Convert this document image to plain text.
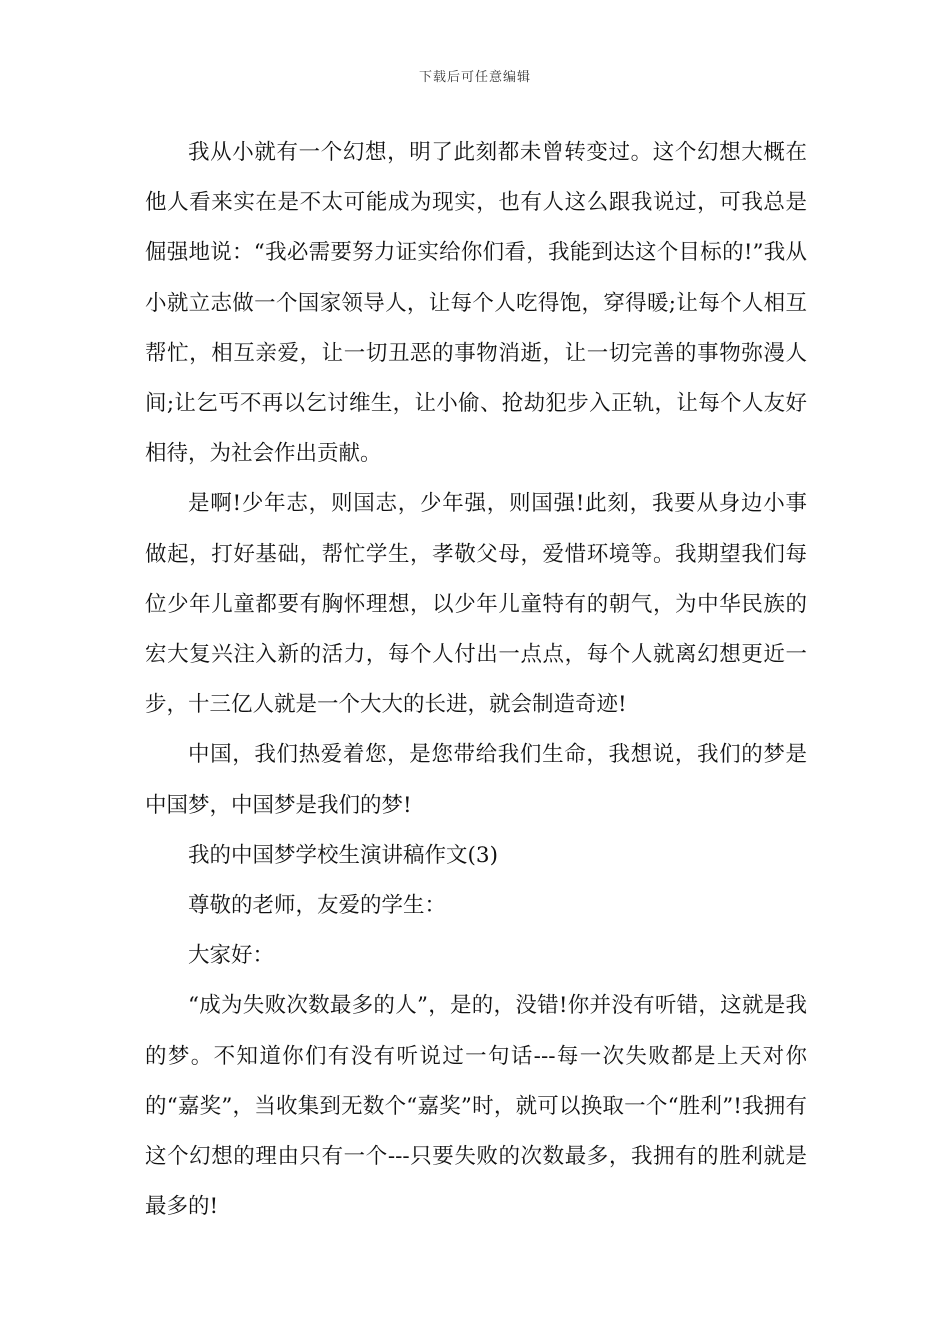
下载后可任意编辑

我从小就有一个幻想，明了此刻都未曾转变过。这个幻想大概在他人看来实在是不太可能成为现实，也有人这么跟我说过，可我总是倔强地说：“我必需要努力证实给你们看，我能到达这个目标的!”我从小就立志做一个国家领导人，让每个人吃得饱，穿得暖;让每个人相互帮忙，相互亲爱，让一切丑恶的事物消逝，让一切完善的事物弥漫人间;让乞丐不再以乞讨维生，让小偷、抢劫犯步入正轨，让每个人友好相待，为社会作出贡献。

是啊!少年志，则国志，少年强，则国强!此刻，我要从身边小事做起，打好基础，帮忙学生，孝敬父母，爱惜环境等。我期望我们每位少年儿童都要有胸怀理想，以少年儿童特有的朝气，为中华民族的宏大复兴注入新的活力，每个人付出一点点，每个人就离幻想更近一步，十三亿人就是一个大大的长进，就会制造奇迹!

中国，我们热爱着您，是您带给我们生命，我想说，我们的梦是中国梦，中国梦是我们的梦!

我的中国梦学校生演讲稿作文(3)

尊敬的老师，友爱的学生：

大家好：

“成为失败次数最多的人”，是的，没错!你并没有听错，这就是我的梦。不知道你们有没有听说过一句话---每一次失败都是上天对你的“嘉奖”，当收集到无数个“嘉奖”时，就可以换取一个“胜利”!我拥有这个幻想的理由只有一个---只要失败的次数最多，我拥有的胜利就是最多的!
